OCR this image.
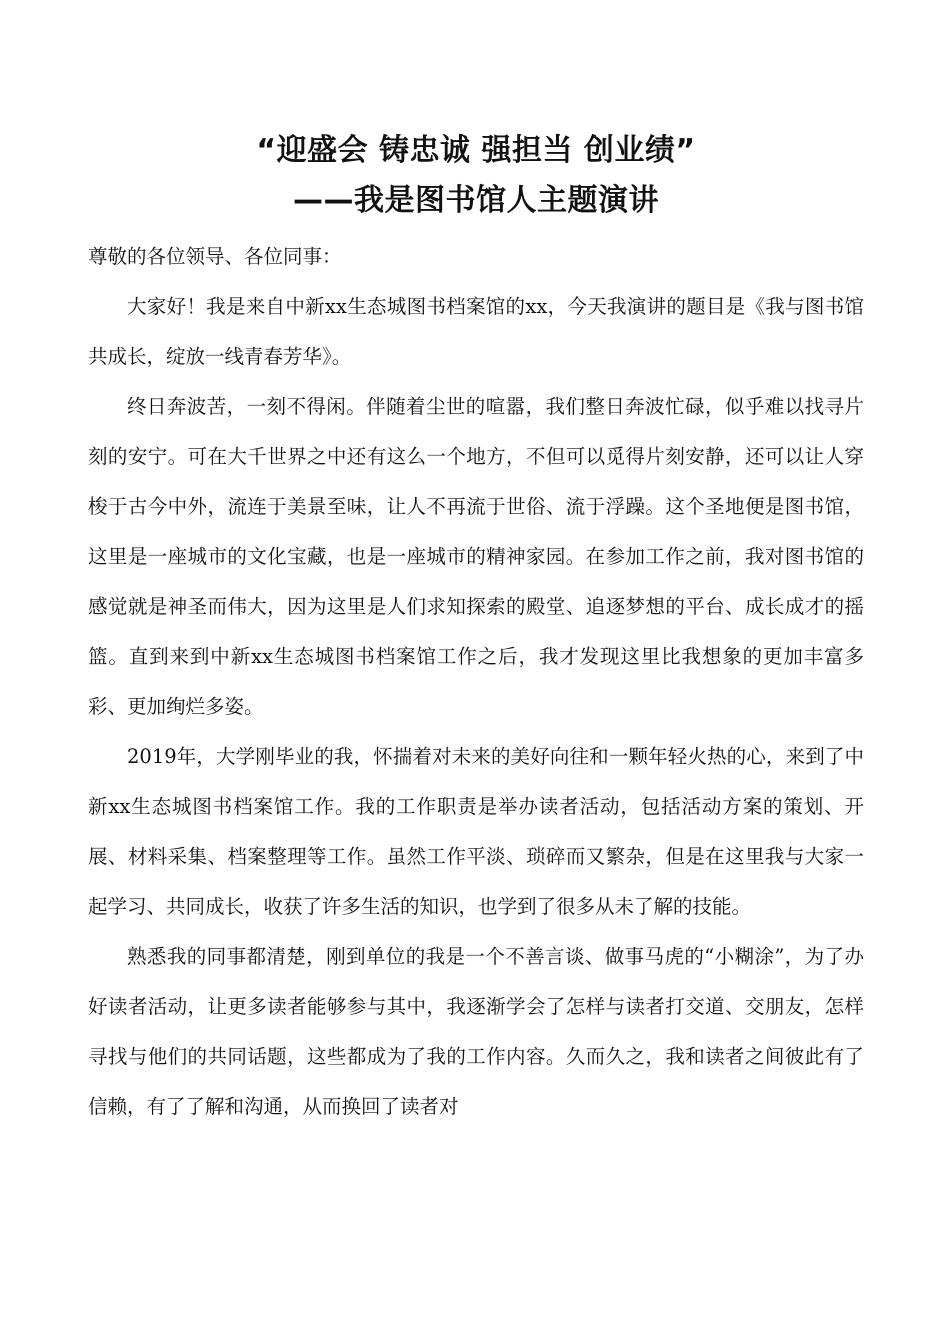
“迎盛会 铸忠诚 强担当 创业绩”
——我是图书馆人主题演讲

尊敬的各位领导、各位同事：

大家好！我是来自中新xx生态城图书档案馆的xx，今天我演讲的题目是《我与图书馆共成长，绽放一线青春芳华》。

终日奔波苦，一刻不得闲。伴随着尘世的喧嚣，我们整日奔波忙碌，似乎难以找寻片刻的安宁。可在大千世界之中还有这么一个地方，不但可以觅得片刻安静，还可以让人穿梭于古今中外，流连于美景至味，让人不再流于世俗、流于浮躁。这个圣地便是图书馆，这里是一座城市的文化宝藏，也是一座城市的精神家园。在参加工作之前，我对图书馆的感觉就是神圣而伟大，因为这里是人们求知探索的殿堂、追逐梦想的平台、成长成才的摇篮。直到来到中新xx生态城图书档案馆工作之后，我才发现这里比我想象的更加丰富多彩、更加绚烂多姿。

2019年，大学刚毕业的我，怀揣着对未来的美好向往和一颗年轻火热的心，来到了中新xx生态城图书档案馆工作。我的工作职责是举办读者活动，包括活动方案的策划、开展、材料采集、档案整理等工作。虽然工作平淡、琐碎而又繁杂，但是在这里我与大家一起学习、共同成长，收获了许多生活的知识，也学到了很多从未了解的技能。

熟悉我的同事都清楚，刚到单位的我是一个不善言谈、做事马虎的“小糊涂”，为了办好读者活动，让更多读者能够参与其中，我逐渐学会了怎样与读者打交道、交朋友，怎样寻找与他们的共同话题，这些都成为了我的工作内容。久而久之，我和读者之间彼此有了信赖，有了了解和沟通，从而换回了读者对
